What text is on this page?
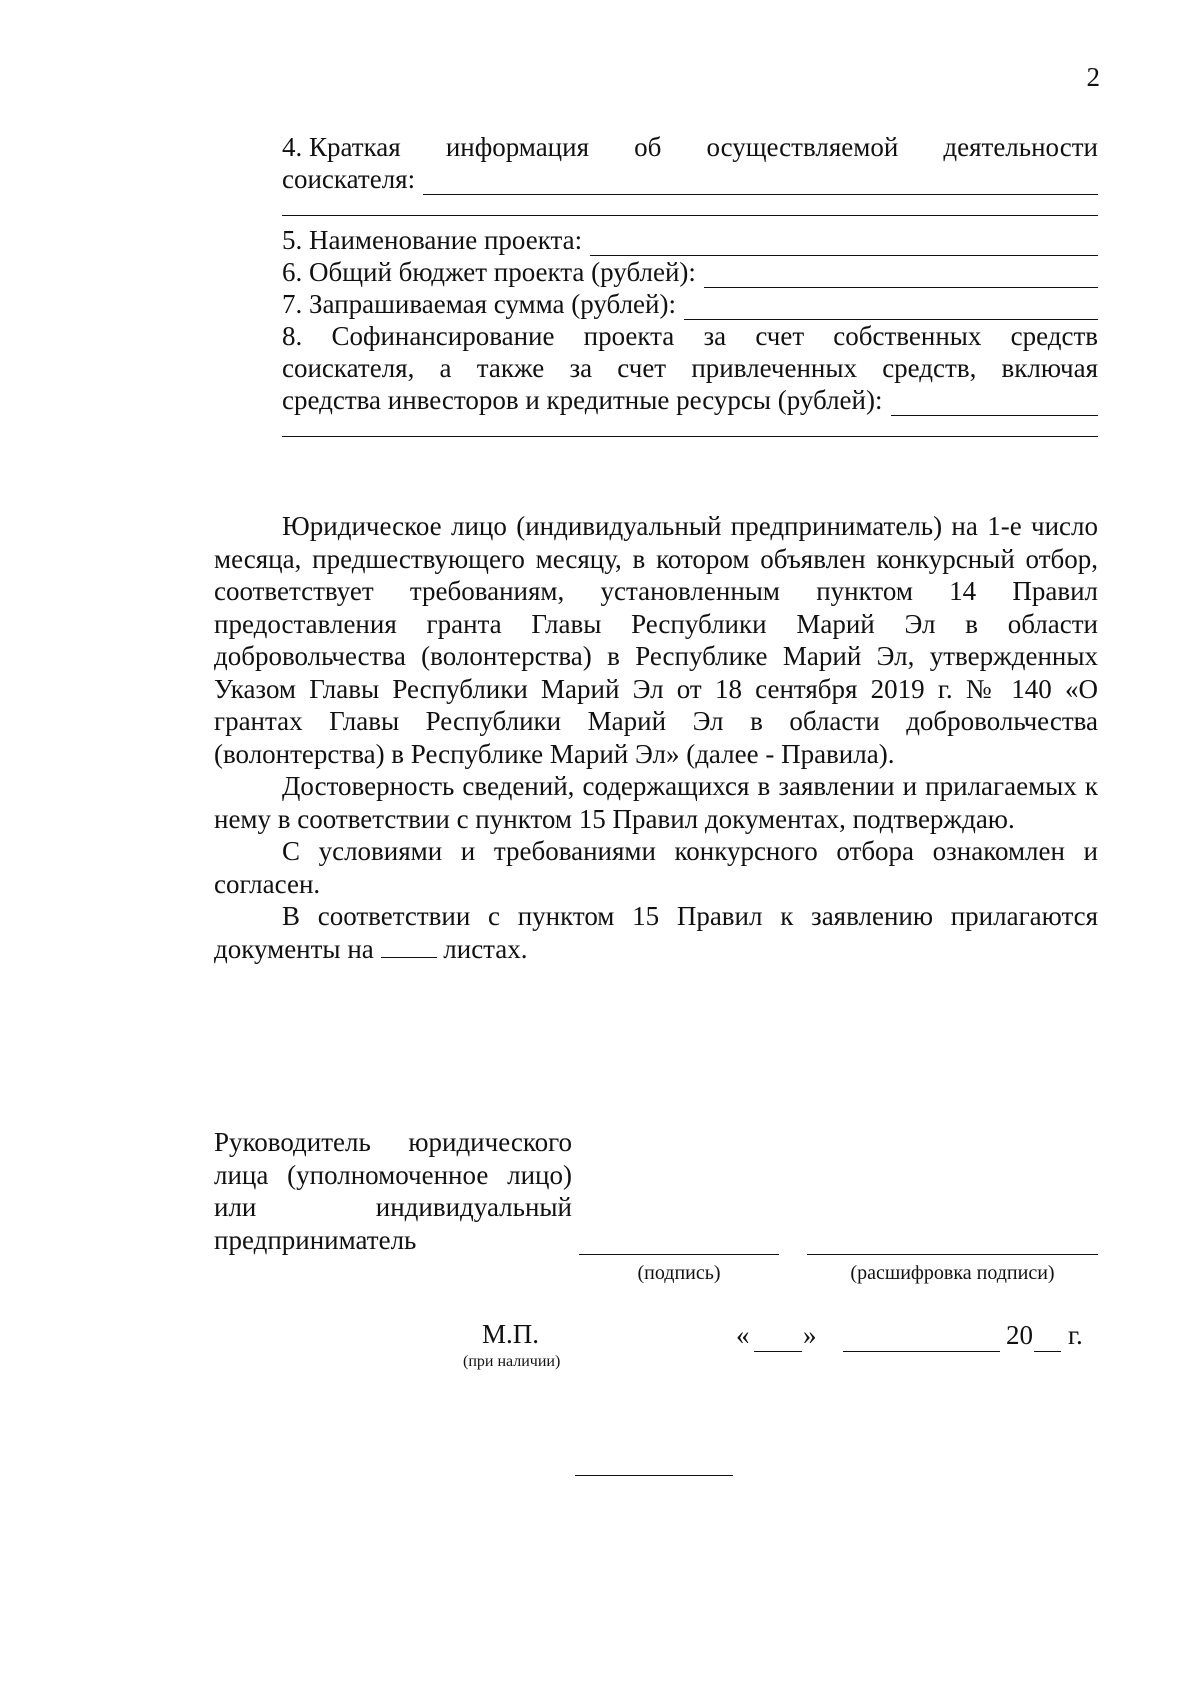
2
4. Краткая информация об осуществляемой деятельности
соискателя:
5. Наименование проекта:
6. Общий бюджет проекта (рублей):
7. Запрашиваемая сумма (рублей):
8. Софинансирование проекта за счет собственных средств
соискателя, а также за счет привлеченных средств, включая
средства инвесторов и кредитные ресурсы (рублей):

Юридическое лицо (индивидуальный предприниматель) на 1-е число месяца, предшествующего месяцу, в котором объявлен конкурсный отбор, соответствует требованиям, установленным пунктом 14 Правил предоставления гранта Главы Республики Марий Эл в области добровольчества (волонтерства) в Республике Марий Эл, утвержденных Указом Главы Республики Марий Эл от 18 сентября 2019 г. № 140 «О грантах Главы Республики Марий Эл в области добровольчества (волонтерства) в Республике Марий Эл» (далее - Правила).

Достоверность сведений, содержащихся в заявлении и прилагаемых к нему в соответствии с пунктом 15 Правил документах, подтверждаю.

С условиями и требованиями конкурсного отбора ознакомлен и согласен.

В соответствии с пунктом 15 Правил к заявлению прилагаются документы на	листах.

Руководитель юридического лица (уполномоченное лицо) или индивидуальный предприниматель
(подпись)	(расшифровка подписи)
М.П.
(при наличии)
« »	20 г.
